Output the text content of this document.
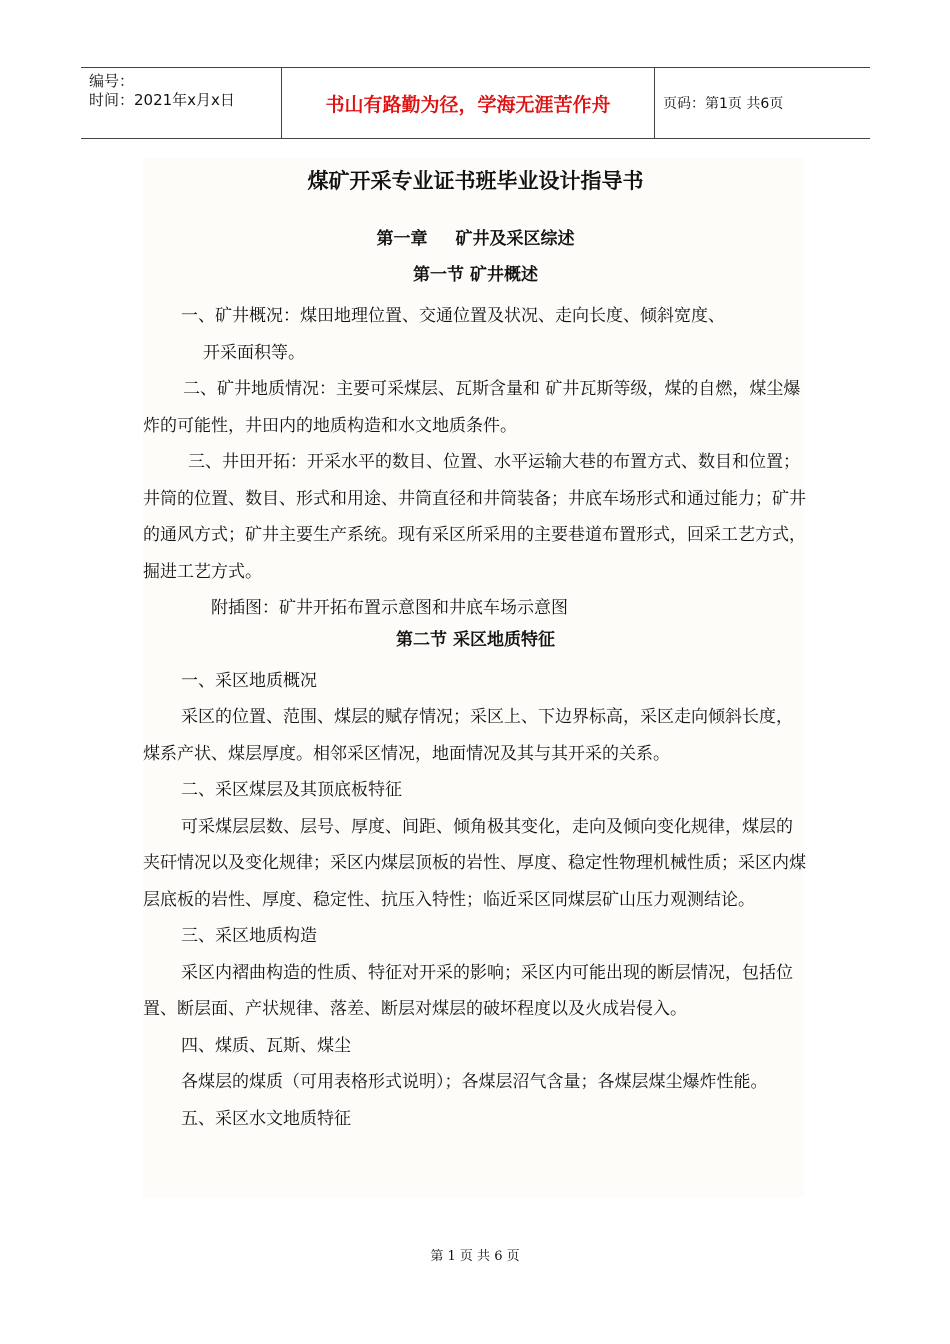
编号：
时间：2021年x月x日	书山有路勤为径，学海无涯苦作舟	页码：第1页 共6页
煤矿开采专业证书班毕业设计指导书
第一章 矿井及采区综述
第一节 矿井概述

一、矿井概况：煤田地理位置、交通位置及状况、走向长度、倾斜宽度、

开采面积等。

二、矿井地质情况：主要可采煤层、瓦斯含量和 矿井瓦斯等级，煤的自燃，煤尘爆炸的可能性，井田内的地质构造和水文地质条件。

三、井田开拓：开采水平的数目、位置、水平运输大巷的布置方式、数目和位置；井筒的位置、数目、形式和用途、井筒直径和井筒装备；井底车场形式和通过能力；矿井的通风方式；矿井主要生产系统。现有采区所采用的主要巷道布置形式，回采工艺方式，掘进工艺方式。

附插图：矿井开拓布置示意图和井底车场示意图

第二节 采区地质特征

一、采区地质概况

采区的位置、范围、煤层的赋存情况；采区上、下边界标高，采区走向倾斜长度，煤系产状、煤层厚度。相邻采区情况，地面情况及其与其开采的关系。

二、采区煤层及其顶底板特征

可采煤层层数、层号、厚度、间距、倾角极其变化，走向及倾向变化规律，煤层的夹矸情况以及变化规律；采区内煤层顶板的岩性、厚度、稳定性物理机械性质；采区内煤层底板的岩性、厚度、稳定性、抗压入特性；临近采区同煤层矿山压力观测结论。

三、采区地质构造

采区内褶曲构造的性质、特征对开采的影响；采区内可能出现的断层情况，包括位置、断层面、产状规律、落差、断层对煤层的破坏程度以及火成岩侵入。

四、煤质、瓦斯、煤尘

各煤层的煤质（可用表格形式说明）；各煤层沼气含量；各煤层煤尘爆炸性能。

五、采区水文地质特征

第 1 页 共 6 页
